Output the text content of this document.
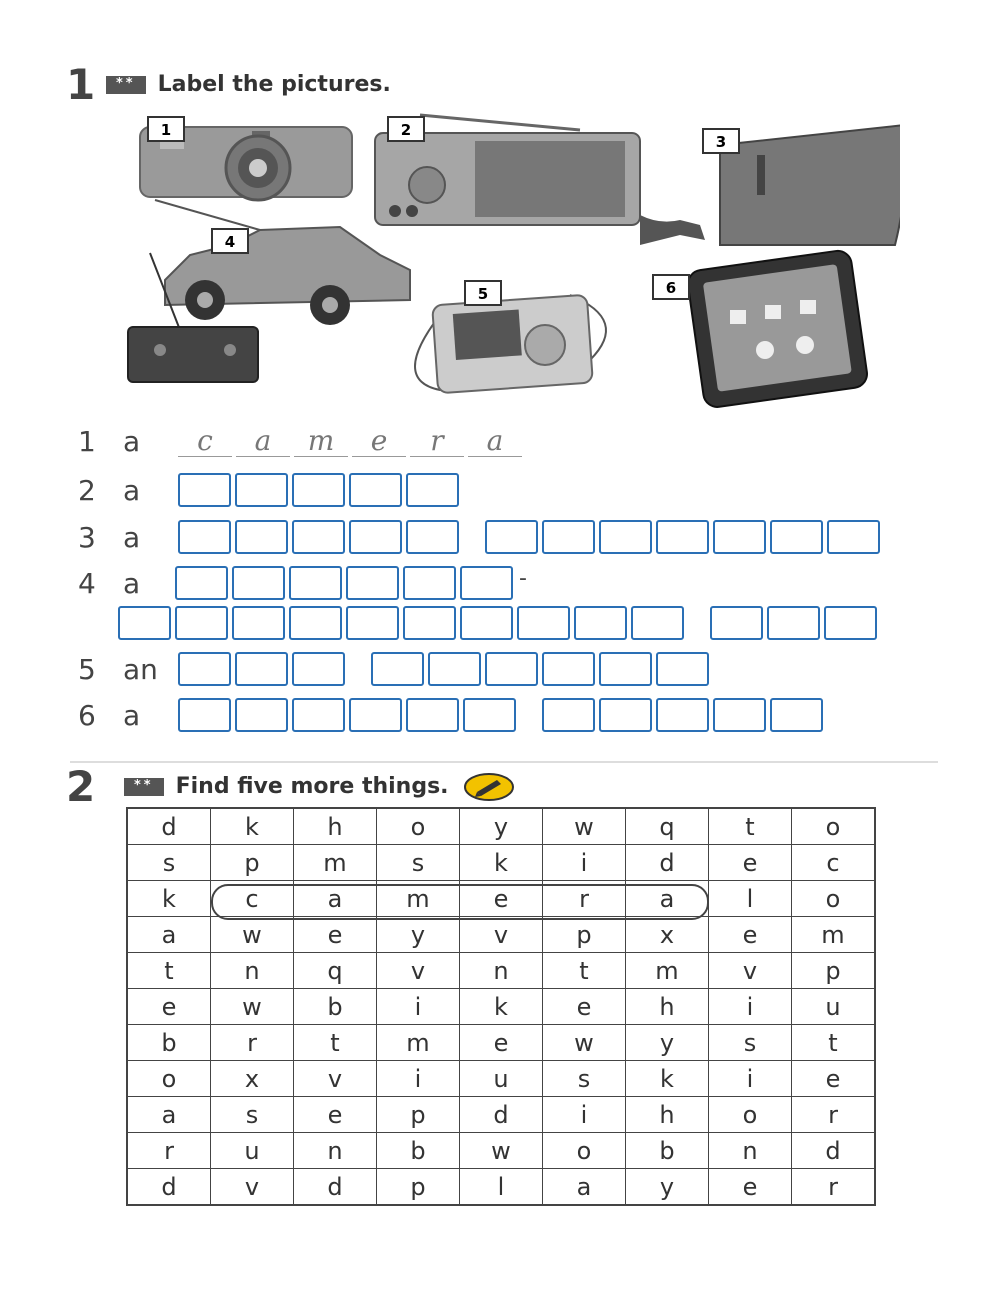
1	**	Label the pictures.
1	2
3
4
5	6
1 a	c	a	m	e	r	a
2 a
3 a
4 a	-
5 an
6 a
2	**	Find five more things.
d	k	h	o	y	w	q	t	o
s	p	m	s	k	i	d	e	c
k	c	a	m	e	r	a	l	o
a	w	e	y	v	p	x	e	m
t	n	q	v	n	t	m	v	p
e	w	b	i	k	e	h	i	u
b	r	t	m	e	w	y	s	t
o	x	v	i	u	s	k	i	e
a	s	e	p	d	i	h	o	r
r	u	n	b	w	o	b	n	d
d	v	d	p	l	a	y	e	r
